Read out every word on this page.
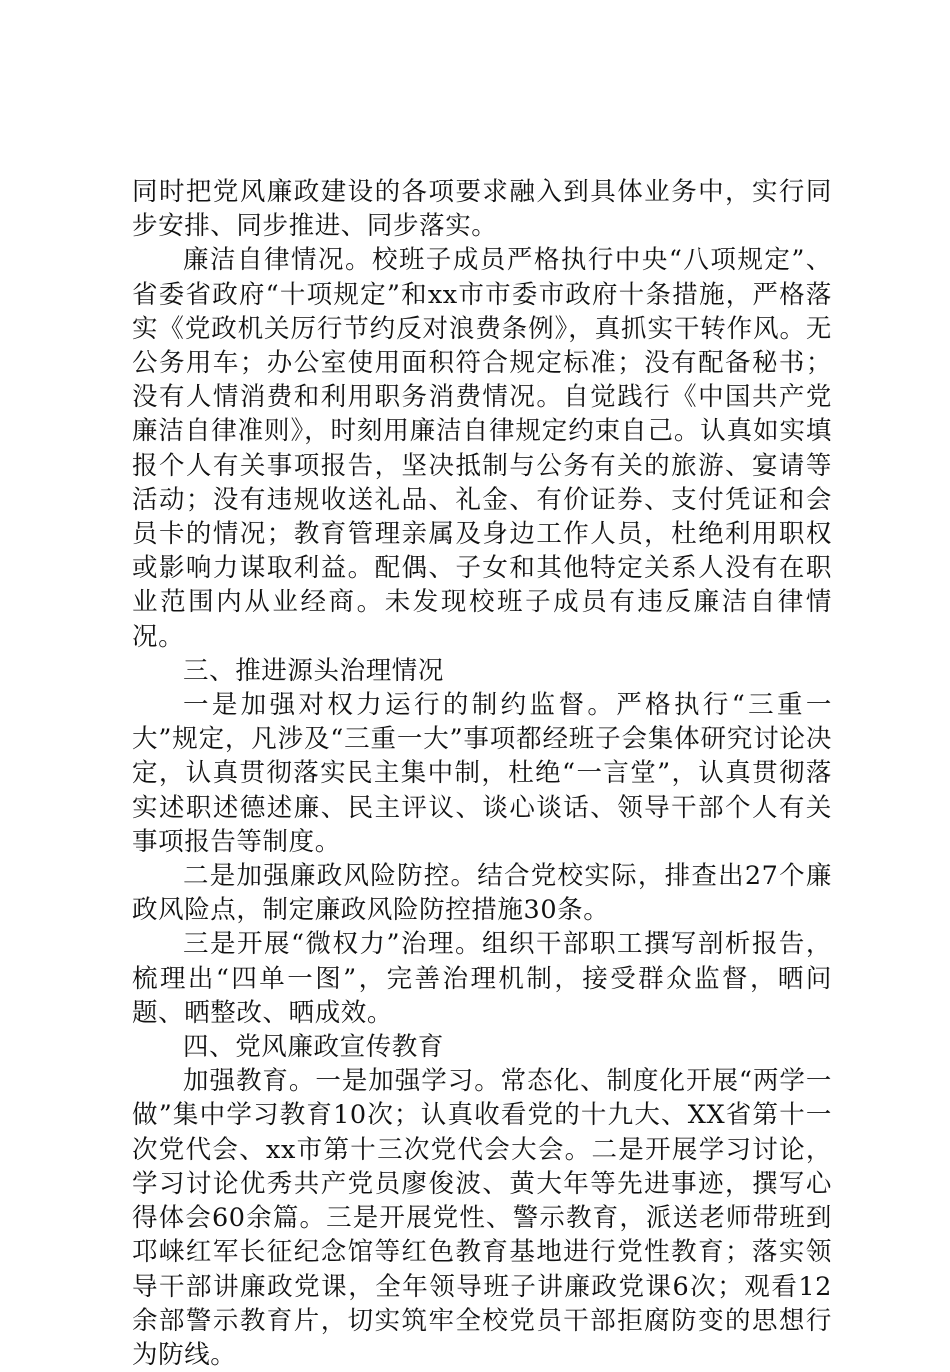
同时把党风廉政建设的各项要求融入到具体业务中，实行同步安排、同步推进、同步落实。

廉洁自律情况。校班子成员严格执行中央“八项规定”、省委省政府“十项规定”和xx市市委市政府十条措施，严格落实《党政机关厉行节约反对浪费条例》，真抓实干转作风。无公务用车；办公室使用面积符合规定标准；没有配备秘书；没有人情消费和利用职务消费情况。自觉践行《中国共产党廉洁自律准则》，时刻用廉洁自律规定约束自己。认真如实填报个人有关事项报告，坚决抵制与公务有关的旅游、宴请等活动；没有违规收送礼品、礼金、有价证券、支付凭证和会员卡的情况；教育管理亲属及身边工作人员，杜绝利用职权或影响力谋取利益。配偶、子女和其他特定关系人没有在职业范围内从业经商。未发现校班子成员有违反廉洁自律情况。

三、推进源头治理情况

一是加强对权力运行的制约监督。严格执行“三重一大”规定，凡涉及“三重一大”事项都经班子会集体研究讨论决定，认真贯彻落实民主集中制，杜绝“一言堂”，认真贯彻落实述职述德述廉、民主评议、谈心谈话、领导干部个人有关事项报告等制度。

二是加强廉政风险防控。结合党校实际，排查出27个廉政风险点，制定廉政风险防控措施30条。

三是开展“微权力”治理。组织干部职工撰写剖析报告，梳理出“四单一图”，完善治理机制，接受群众监督，晒问题、晒整改、晒成效。

四、党风廉政宣传教育

加强教育。一是加强学习。常态化、制度化开展“两学一做”集中学习教育10次；认真收看党的十九大、XX省第十一次党代会、xx市第十三次党代会大会。二是开展学习讨论，学习讨论优秀共产党员廖俊波、黄大年等先进事迹，撰写心得体会60余篇。三是开展党性、警示教育，派送老师带班到邛崃红军长征纪念馆等红色教育基地进行党性教育；落实领导干部讲廉政党课，全年领导班子讲廉政党课6次；观看12余部警示教育片，切实筑牢全校党员干部拒腐防变的思想行为防线。
